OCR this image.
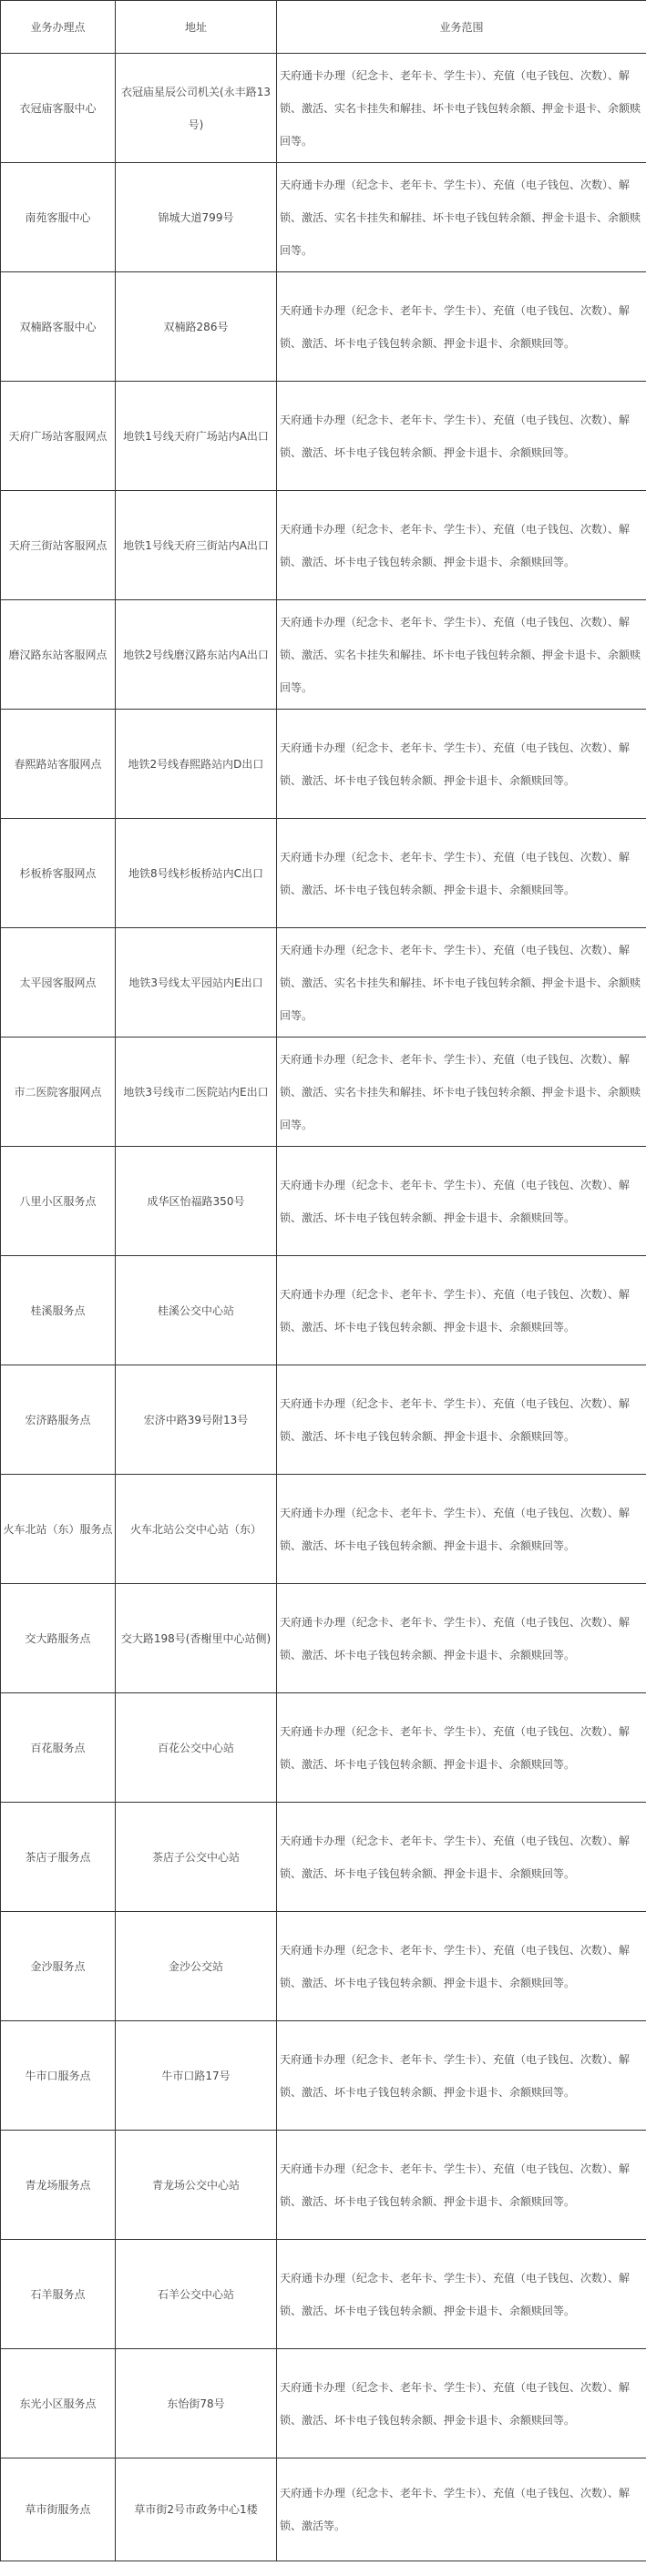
业务办理点	地址	业务范围
衣冠庙客服中心	衣冠庙星辰公司机关(永丰路13号)	天府通卡办理（纪念卡、老年卡、学生卡）、充值（电子钱包、次数）、解锁、激活、实名卡挂失和解挂、坏卡电子钱包转余额、押金卡退卡、余额赎回等。
南苑客服中心	锦城大道799号	天府通卡办理（纪念卡、老年卡、学生卡）、充值（电子钱包、次数）、解锁、激活、实名卡挂失和解挂、坏卡电子钱包转余额、押金卡退卡、余额赎回等。
双楠路客服中心	双楠路286号	天府通卡办理（纪念卡、老年卡、学生卡）、充值（电子钱包、次数）、解锁、激活、坏卡电子钱包转余额、押金卡退卡、余额赎回等。
天府广场站客服网点	地铁1号线天府广场站内A出口	天府通卡办理（纪念卡、老年卡、学生卡）、充值（电子钱包、次数）、解锁、激活、坏卡电子钱包转余额、押金卡退卡、余额赎回等。
天府三街站客服网点	地铁1号线天府三街站内A出口	天府通卡办理（纪念卡、老年卡、学生卡）、充值（电子钱包、次数）、解锁、激活、坏卡电子钱包转余额、押金卡退卡、余额赎回等。
磨汉路东站客服网点	地铁2号线磨汉路东站内A出口	天府通卡办理（纪念卡、老年卡、学生卡）、充值（电子钱包、次数）、解锁、激活、实名卡挂失和解挂、坏卡电子钱包转余额、押金卡退卡、余额赎回等。
春熙路站客服网点	地铁2号线春熙路站内D出口	天府通卡办理（纪念卡、老年卡、学生卡）、充值（电子钱包、次数）、解锁、激活、坏卡电子钱包转余额、押金卡退卡、余额赎回等。
杉板桥客服网点	地铁8号线杉板桥站内C出口	天府通卡办理（纪念卡、老年卡、学生卡）、充值（电子钱包、次数）、解锁、激活、坏卡电子钱包转余额、押金卡退卡、余额赎回等。
太平园客服网点	地铁3号线太平园站内E出口	天府通卡办理（纪念卡、老年卡、学生卡）、充值（电子钱包、次数）、解锁、激活、实名卡挂失和解挂、坏卡电子钱包转余额、押金卡退卡、余额赎回等。
市二医院客服网点	地铁3号线市二医院站内E出口	天府通卡办理（纪念卡、老年卡、学生卡）、充值（电子钱包、次数）、解锁、激活、实名卡挂失和解挂、坏卡电子钱包转余额、押金卡退卡、余额赎回等。
八里小区服务点	成华区怡福路350号	天府通卡办理（纪念卡、老年卡、学生卡）、充值（电子钱包、次数）、解锁、激活、坏卡电子钱包转余额、押金卡退卡、余额赎回等。
桂溪服务点	桂溪公交中心站	天府通卡办理（纪念卡、老年卡、学生卡）、充值（电子钱包、次数）、解锁、激活、坏卡电子钱包转余额、押金卡退卡、余额赎回等。
宏济路服务点	宏济中路39号附13号	天府通卡办理（纪念卡、老年卡、学生卡）、充值（电子钱包、次数）、解锁、激活、坏卡电子钱包转余额、押金卡退卡、余额赎回等。
火车北站（东）服务点	火车北站公交中心站（东）	天府通卡办理（纪念卡、老年卡、学生卡）、充值（电子钱包、次数）、解锁、激活、坏卡电子钱包转余额、押金卡退卡、余额赎回等。
交大路服务点	交大路198号(香榭里中心站侧)	天府通卡办理（纪念卡、老年卡、学生卡）、充值（电子钱包、次数）、解锁、激活、坏卡电子钱包转余额、押金卡退卡、余额赎回等。
百花服务点	百花公交中心站	天府通卡办理（纪念卡、老年卡、学生卡）、充值（电子钱包、次数）、解锁、激活、坏卡电子钱包转余额、押金卡退卡、余额赎回等。
茶店子服务点	茶店子公交中心站	天府通卡办理（纪念卡、老年卡、学生卡）、充值（电子钱包、次数）、解锁、激活、坏卡电子钱包转余额、押金卡退卡、余额赎回等。
金沙服务点	金沙公交站	天府通卡办理（纪念卡、老年卡、学生卡）、充值（电子钱包、次数）、解锁、激活、坏卡电子钱包转余额、押金卡退卡、余额赎回等。
牛市口服务点	牛市口路17号	天府通卡办理（纪念卡、老年卡、学生卡）、充值（电子钱包、次数）、解锁、激活、坏卡电子钱包转余额、押金卡退卡、余额赎回等。
青龙场服务点	青龙场公交中心站	天府通卡办理（纪念卡、老年卡、学生卡）、充值（电子钱包、次数）、解锁、激活、坏卡电子钱包转余额、押金卡退卡、余额赎回等。
石羊服务点	石羊公交中心站	天府通卡办理（纪念卡、老年卡、学生卡）、充值（电子钱包、次数）、解锁、激活、坏卡电子钱包转余额、押金卡退卡、余额赎回等。
东光小区服务点	东怡街78号	天府通卡办理（纪念卡、老年卡、学生卡）、充值（电子钱包、次数）、解锁、激活、坏卡电子钱包转余额、押金卡退卡、余额赎回等。
草市街服务点	草市街2号市政务中心1楼	天府通卡办理（纪念卡、老年卡、学生卡）、充值（电子钱包、次数）、解锁、激活等。
